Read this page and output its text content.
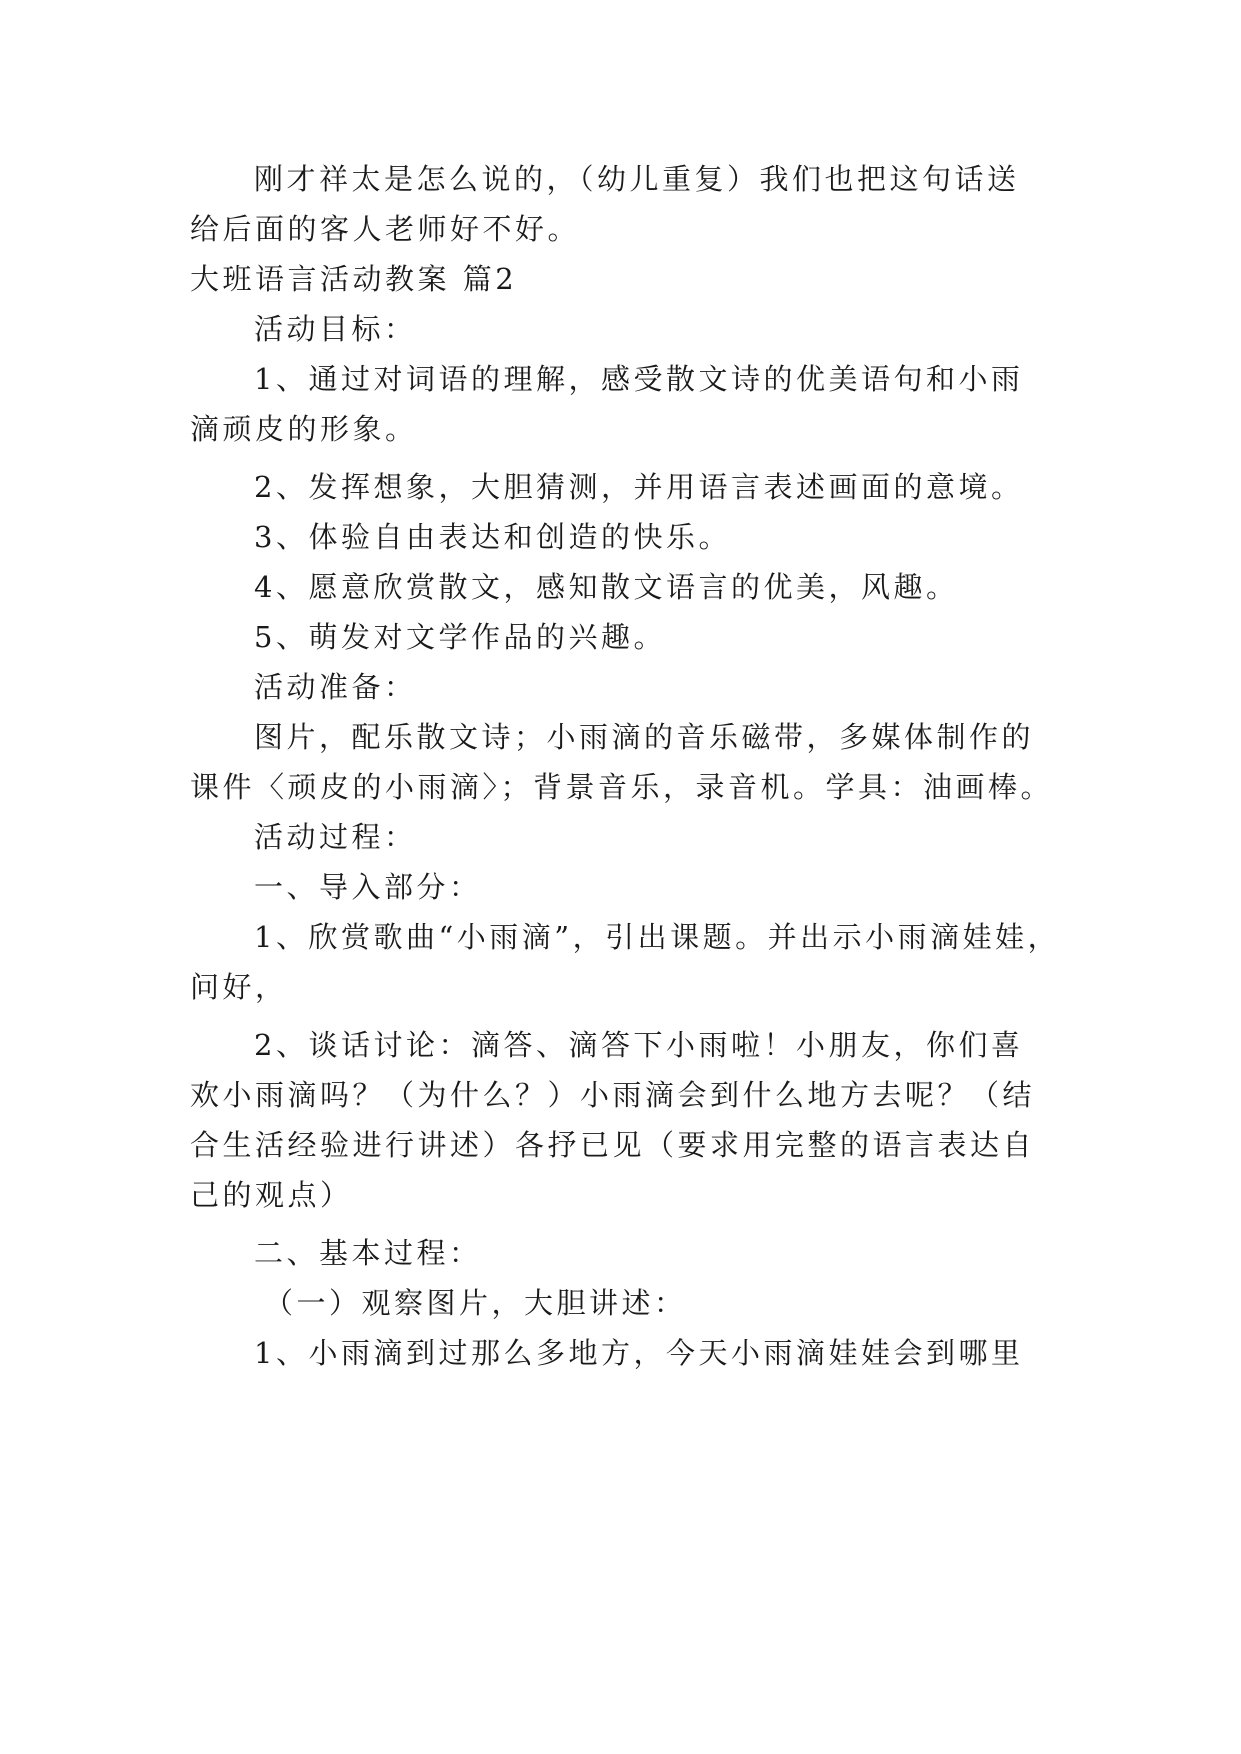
刚才祥太是怎么说的，（幼儿重复）我们也把这句话送
给后面的客人老师好不好。
大班语言活动教案 篇2
活动目标：
1、通过对词语的理解，感受散文诗的优美语句和小雨
滴顽皮的形象。
2、发挥想象，大胆猜测，并用语言表述画面的意境。
3、体验自由表达和创造的快乐。
4、愿意欣赏散文，感知散文语言的优美，风趣。
5、萌发对文学作品的兴趣。
活动准备：
图片，配乐散文诗；小雨滴的音乐磁带，多媒体制作的
课件〈顽皮的小雨滴〉；背景音乐，录音机。学具：油画棒。
活动过程：
一、导入部分：
1、欣赏歌曲“小雨滴”，引出课题。并出示小雨滴娃娃，
问好，
2、谈话讨论：滴答、滴答下小雨啦！小朋友，你们喜
欢小雨滴吗？（为什么？）小雨滴会到什么地方去呢？（结
合生活经验进行讲述）各抒已见（要求用完整的语言表达自
己的观点）
二、基本过程：
（一）观察图片，大胆讲述：
1、小雨滴到过那么多地方，今天小雨滴娃娃会到哪里
